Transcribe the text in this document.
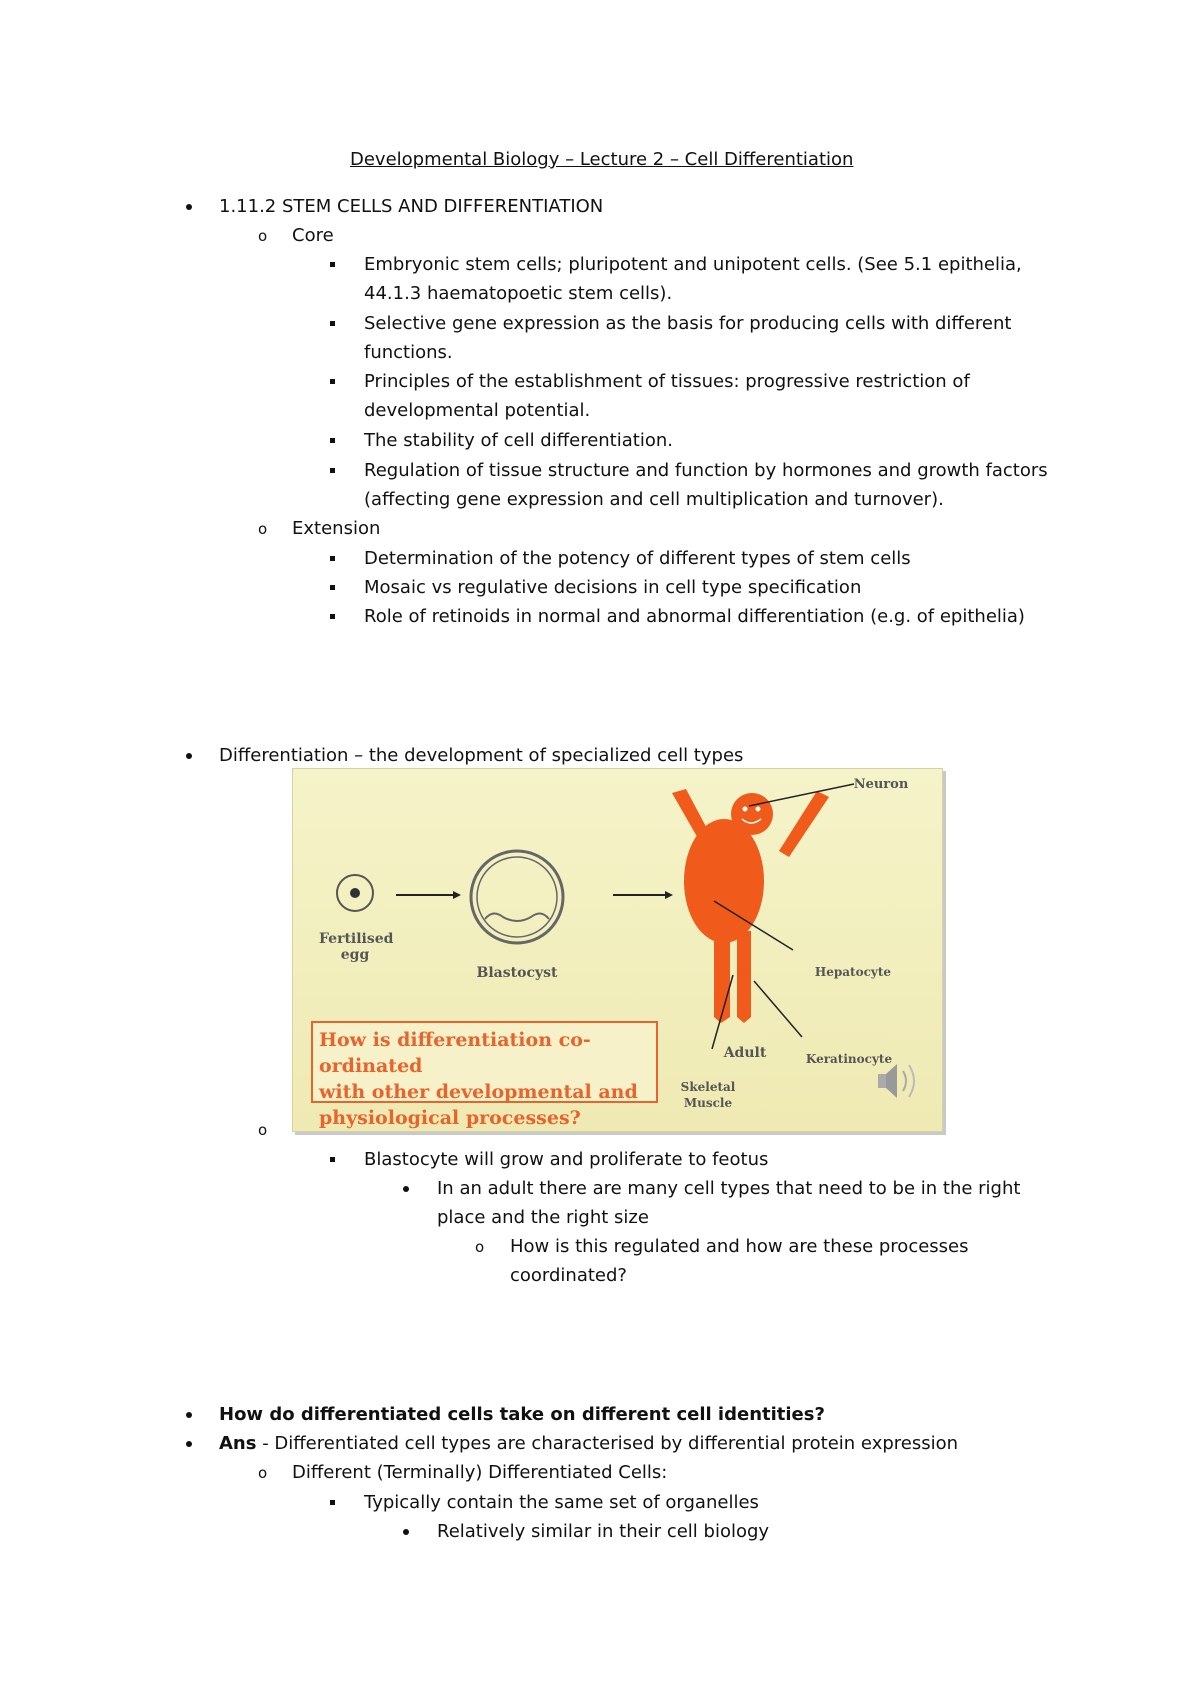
Developmental Biology – Lecture 2 – Cell Differentiation
1.11.2 STEM CELLS AND DIFFERENTIATION
o Core
Embryonic stem cells; pluripotent and unipotent cells. (See 5.1 epithelia,
44.1.3 haematopoetic stem cells).
Selective gene expression as the basis for producing cells with different
functions.
Principles of the establishment of tissues: progressive restriction of
developmental potential.
The stability of cell differentiation.
Regulation of tissue structure and function by hormones and growth factors
(affecting gene expression and cell multiplication and turnover).
o Extension
Determination of the potency of different types of stem cells
Mosaic vs regulative decisions in cell type specification
Role of retinoids in normal and abnormal differentiation (e.g. of epithelia)
Differentiation – the development of specialized cell types
Fertilised
egg
Blastocyst
Neuron
Hepatocyte
Adult	Keratinocyte
Skeletal
Muscle
How is differentiation co-ordinated
with other developmental and
physiological processes?
o
Blastocyte will grow and proliferate to feotus
In an adult there are many cell types that need to be in the right
place and the right size
o How is this regulated and how are these processes
coordinated?
How do differentiated cells take on different cell identities?
Ans - Differentiated cell types are characterised by differential protein expression
o Different (Terminally) Differentiated Cells:
Typically contain the same set of organelles
Relatively similar in their cell biology
